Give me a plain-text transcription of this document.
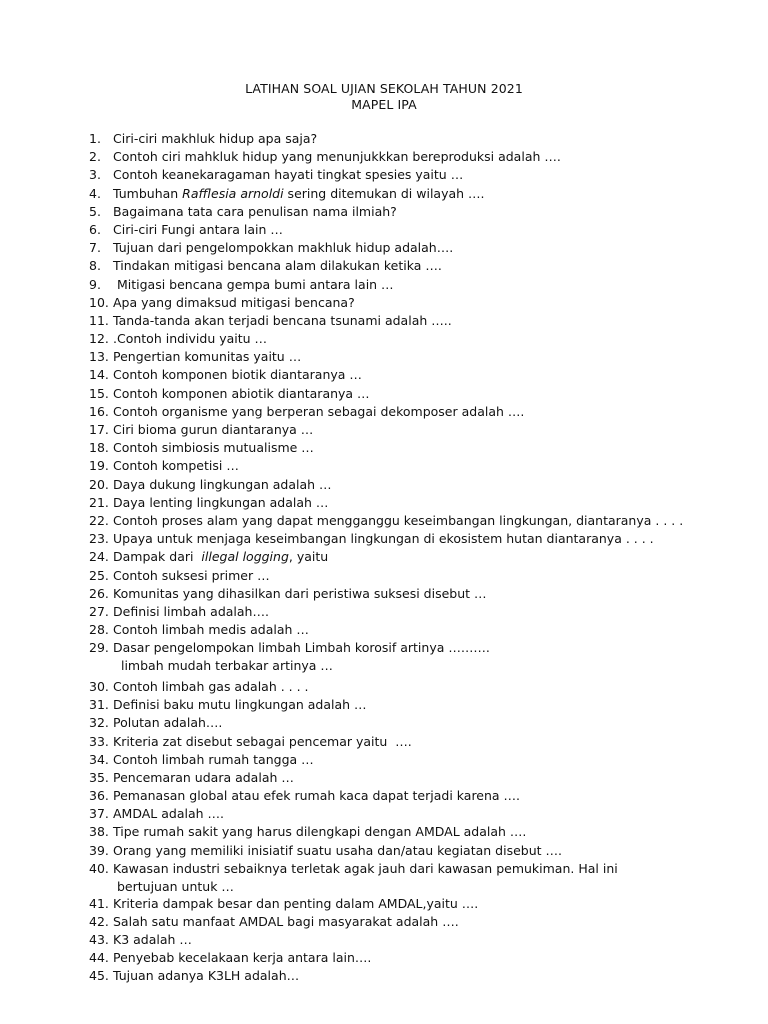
LATIHAN SOAL UJIAN SEKOLAH TAHUN 2021
MAPEL IPA
1. Ciri-ciri makhluk hidup apa saja?
2. Contoh ciri mahkluk hidup yang menunjukkkan bereproduksi adalah ….
3. Contoh keanekaragaman hayati tingkat spesies yaitu …
4. Tumbuhan Rafflesia arnoldi sering ditemukan di wilayah ….
5. Bagaimana tata cara penulisan nama ilmiah?
6. Ciri-ciri Fungi antara lain …
7. Tujuan dari pengelompokkan makhluk hidup adalah….
8. Tindakan mitigasi bencana alam dilakukan ketika ….
9. Mitigasi bencana gempa bumi antara lain …
10. Apa yang dimaksud mitigasi bencana?
11. Tanda-tanda akan terjadi bencana tsunami adalah …..
12. .Contoh individu yaitu …
13. Pengertian komunitas yaitu …
14. Contoh komponen biotik diantaranya …
15. Contoh komponen abiotik diantaranya …
16. Contoh organisme yang berperan sebagai dekomposer adalah ….
17. Ciri bioma gurun diantaranya …
18. Contoh simbiosis mutualisme …
19. Contoh kompetisi …
20. Daya dukung lingkungan adalah …
21. Daya lenting lingkungan adalah …
22. Contoh proses alam yang dapat mengganggu keseimbangan lingkungan, diantaranya . . . .
23. Upaya untuk menjaga keseimbangan lingkungan di ekosistem hutan diantaranya . . . .
24. Dampak dari  illegal logging, yaitu
25. Contoh suksesi primer …
26. Komunitas yang dihasilkan dari peristiwa suksesi disebut …
27. Definisi limbah adalah….
28. Contoh limbah medis adalah …
29. Dasar pengelompokan limbah Limbah korosif artinya ……….
limbah mudah terbakar artinya …
30. Contoh limbah gas adalah . . . .
31. Definisi baku mutu lingkungan adalah …
32. Polutan adalah….
33. Kriteria zat disebut sebagai pencemar yaitu  ….
34. Contoh limbah rumah tangga …
35. Pencemaran udara adalah …
36. Pemanasan global atau efek rumah kaca dapat terjadi karena ….
37. AMDAL adalah ….
38. Tipe rumah sakit yang harus dilengkapi dengan AMDAL adalah ….
39. Orang yang memiliki inisiatif suatu usaha dan/atau kegiatan disebut ….
40. Kawasan industri sebaiknya terletak agak jauh dari kawasan pemukiman. Hal ini
bertujuan untuk …
41. Kriteria dampak besar dan penting dalam AMDAL,yaitu ….
42. Salah satu manfaat AMDAL bagi masyarakat adalah ….
43. K3 adalah …
44. Penyebab kecelakaan kerja antara lain….
45. Tujuan adanya K3LH adalah…
